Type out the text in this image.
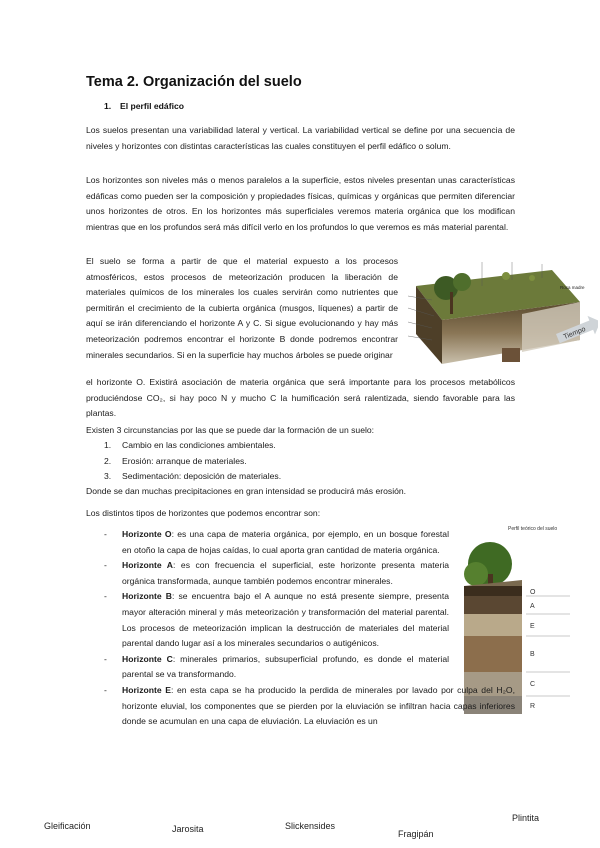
Tema 2. Organización del suelo
1. El perfil edáfico

Los suelos presentan una variabilidad lateral y vertical. La variabilidad vertical se define por una secuencia de niveles y horizontes con distintas características las cuales constituyen el perfil edáfico o solum.

Los horizontes son niveles más o menos paralelos a la superficie, estos niveles presentan unas características edáficas como pueden ser la composición y propiedades físicas, químicas y orgánicas que permiten diferenciar unos horizontes de otros. En los horizontes más superficiales veremos materia orgánica que los modifican mientras que en los profundos será más difícil verlo en los profundos lo que veremos es más material parental.

El suelo se forma a partir de que el material expuesto a los procesos atmosféricos, estos procesos de meteorización producen la liberación de materiales químicos de los minerales los cuales servirán como nutrientes que permitirán el crecimiento de la cubierta orgánica (musgos, líquenes) a partir de aquí se irán diferenciando el horizonte A y C. Si sigue evolucionando y hay más meteorización podremos encontrar el horizonte B donde podremos encontrar minerales secundarios. Si en la superficie hay muchos árboles se puede originar

el horizonte O. Existirá asociación de materia orgánica que será importante para los procesos metabólicos produciéndose CO₂, si hay poco N y mucho C la humificación será ralentizada, siendo favorable para las plantas.

Tiempo
Roca madre

Existen 3 circunstancias por las que se puede dar la formación de un suelo:

1. Cambio en las condiciones ambientales.
2. Erosión: arranque de materiales.
3. Sedimentación: deposición de materiales.

Donde se dan muchas precipitaciones en gran intensidad se producirá más erosión.

Los distintos tipos de horizontes que podemos encontrar son:

Perfil teórico del suelo
O
A
E
B
C
R
- Horizonte O: es una capa de materia orgánica, por ejemplo, en un bosque forestal en otoño la capa de hojas caídas, lo cual aporta gran cantidad de materia orgánica.
- Horizonte A: es con frecuencia el superficial, este horizonte presenta materia orgánica transformada, aunque también podemos encontrar minerales.
- Horizonte B: se encuentra bajo el A aunque no está presente siempre, presenta mayor alteración mineral y más meteorización y transformación del material parental. Los procesos de meteorización implican la destrucción de materiales del material parental dando lugar así a los minerales secundarios o autigénicos.
- Horizonte C: minerales primarios, subsuperficial profundo, es donde el material parental se va transformando.
- Horizonte E: en esta capa se ha producido la perdida de minerales por lavado por culpa del H₂O, horizonte eluvial, los componentes que se pierden por la eluviación se infiltran hacia capas inferiores donde se acumulan en una capa de eluviación. La eluviación es un
Gleificación	Jarosita	Slickensides
Fragipán
Plintita
